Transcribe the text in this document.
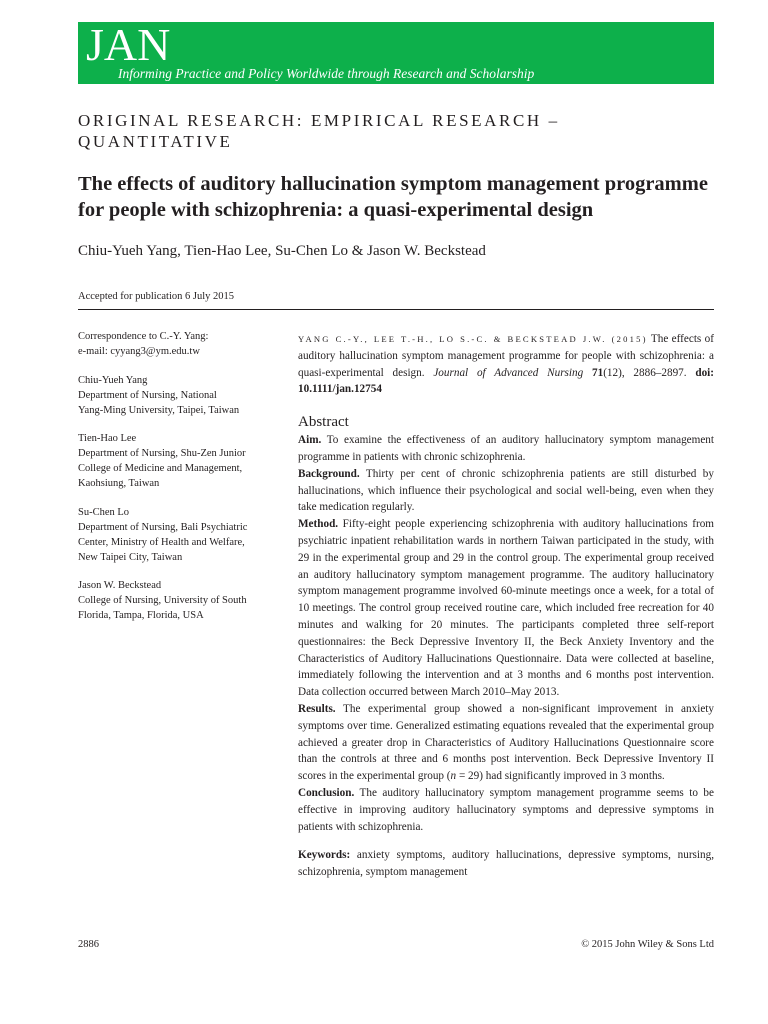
JAN
Informing Practice and Policy Worldwide through Research and Scholarship
ORIGINAL RESEARCH: EMPIRICAL RESEARCH –
QUANTITATIVE
The effects of auditory hallucination symptom management programme for people with schizophrenia: a quasi-experimental design
Chiu-Yueh Yang, Tien-Hao Lee, Su-Chen Lo & Jason W. Beckstead
Accepted for publication 6 July 2015
Correspondence to C.-Y. Yang:
e-mail: cyyang3@ym.edu.tw
Chiu-Yueh Yang
Department of Nursing, National
Yang-Ming University, Taipei, Taiwan
Tien-Hao Lee
Department of Nursing, Shu-Zen Junior
College of Medicine and Management,
Kaohsiung, Taiwan
Su-Chen Lo
Department of Nursing, Bali Psychiatric
Center, Ministry of Health and Welfare,
New Taipei City, Taiwan
Jason W. Beckstead
College of Nursing, University of South
Florida, Tampa, Florida, USA
YANG C.-Y., LEE T.-H., LO S.-C. & BECKSTEAD J.W. (2015) The effects of auditory hallucination symptom management programme for people with schizophrenia: a quasi-experimental design. Journal of Advanced Nursing 71(12), 2886–2897. doi: 10.1111/jan.12754
Abstract

Aim. To examine the effectiveness of an auditory hallucinatory symptom management programme in patients with chronic schizophrenia.

Background. Thirty per cent of chronic schizophrenia patients are still disturbed by hallucinations, which influence their psychological and social well-being, even when they take medication regularly.

Method. Fifty-eight people experiencing schizophrenia with auditory hallucinations from psychiatric inpatient rehabilitation wards in northern Taiwan participated in the study, with 29 in the experimental group and 29 in the control group. The experimental group received an auditory hallucinatory symptom management programme. The auditory hallucinatory symptom management programme involved 60-minute meetings once a week, for a total of 10 meetings. The control group received routine care, which included free recreation for 40 minutes and walking for 20 minutes. The participants completed three self-report questionnaires: the Beck Depressive Inventory II, the Beck Anxiety Inventory and the Characteristics of Auditory Hallucinations Questionnaire. Data were collected at baseline, immediately following the intervention and at 3 months and 6 months post intervention. Data collection occurred between March 2010–May 2013.

Results. The experimental group showed a non-significant improvement in anxiety symptoms over time. Generalized estimating equations revealed that the experimental group achieved a greater drop in Characteristics of Auditory Hallucinations Questionnaire score than the controls at three and 6 months post intervention. Beck Depressive Inventory II scores in the experimental group (n = 29) had significantly improved in 3 months.

Conclusion. The auditory hallucinatory symptom management programme seems to be effective in improving auditory hallucinatory symptoms and depressive symptoms in patients with schizophrenia.

Keywords: anxiety symptoms, auditory hallucinations, depressive symptoms, nursing, schizophrenia, symptom management

2886	© 2015 John Wiley & Sons Ltd
